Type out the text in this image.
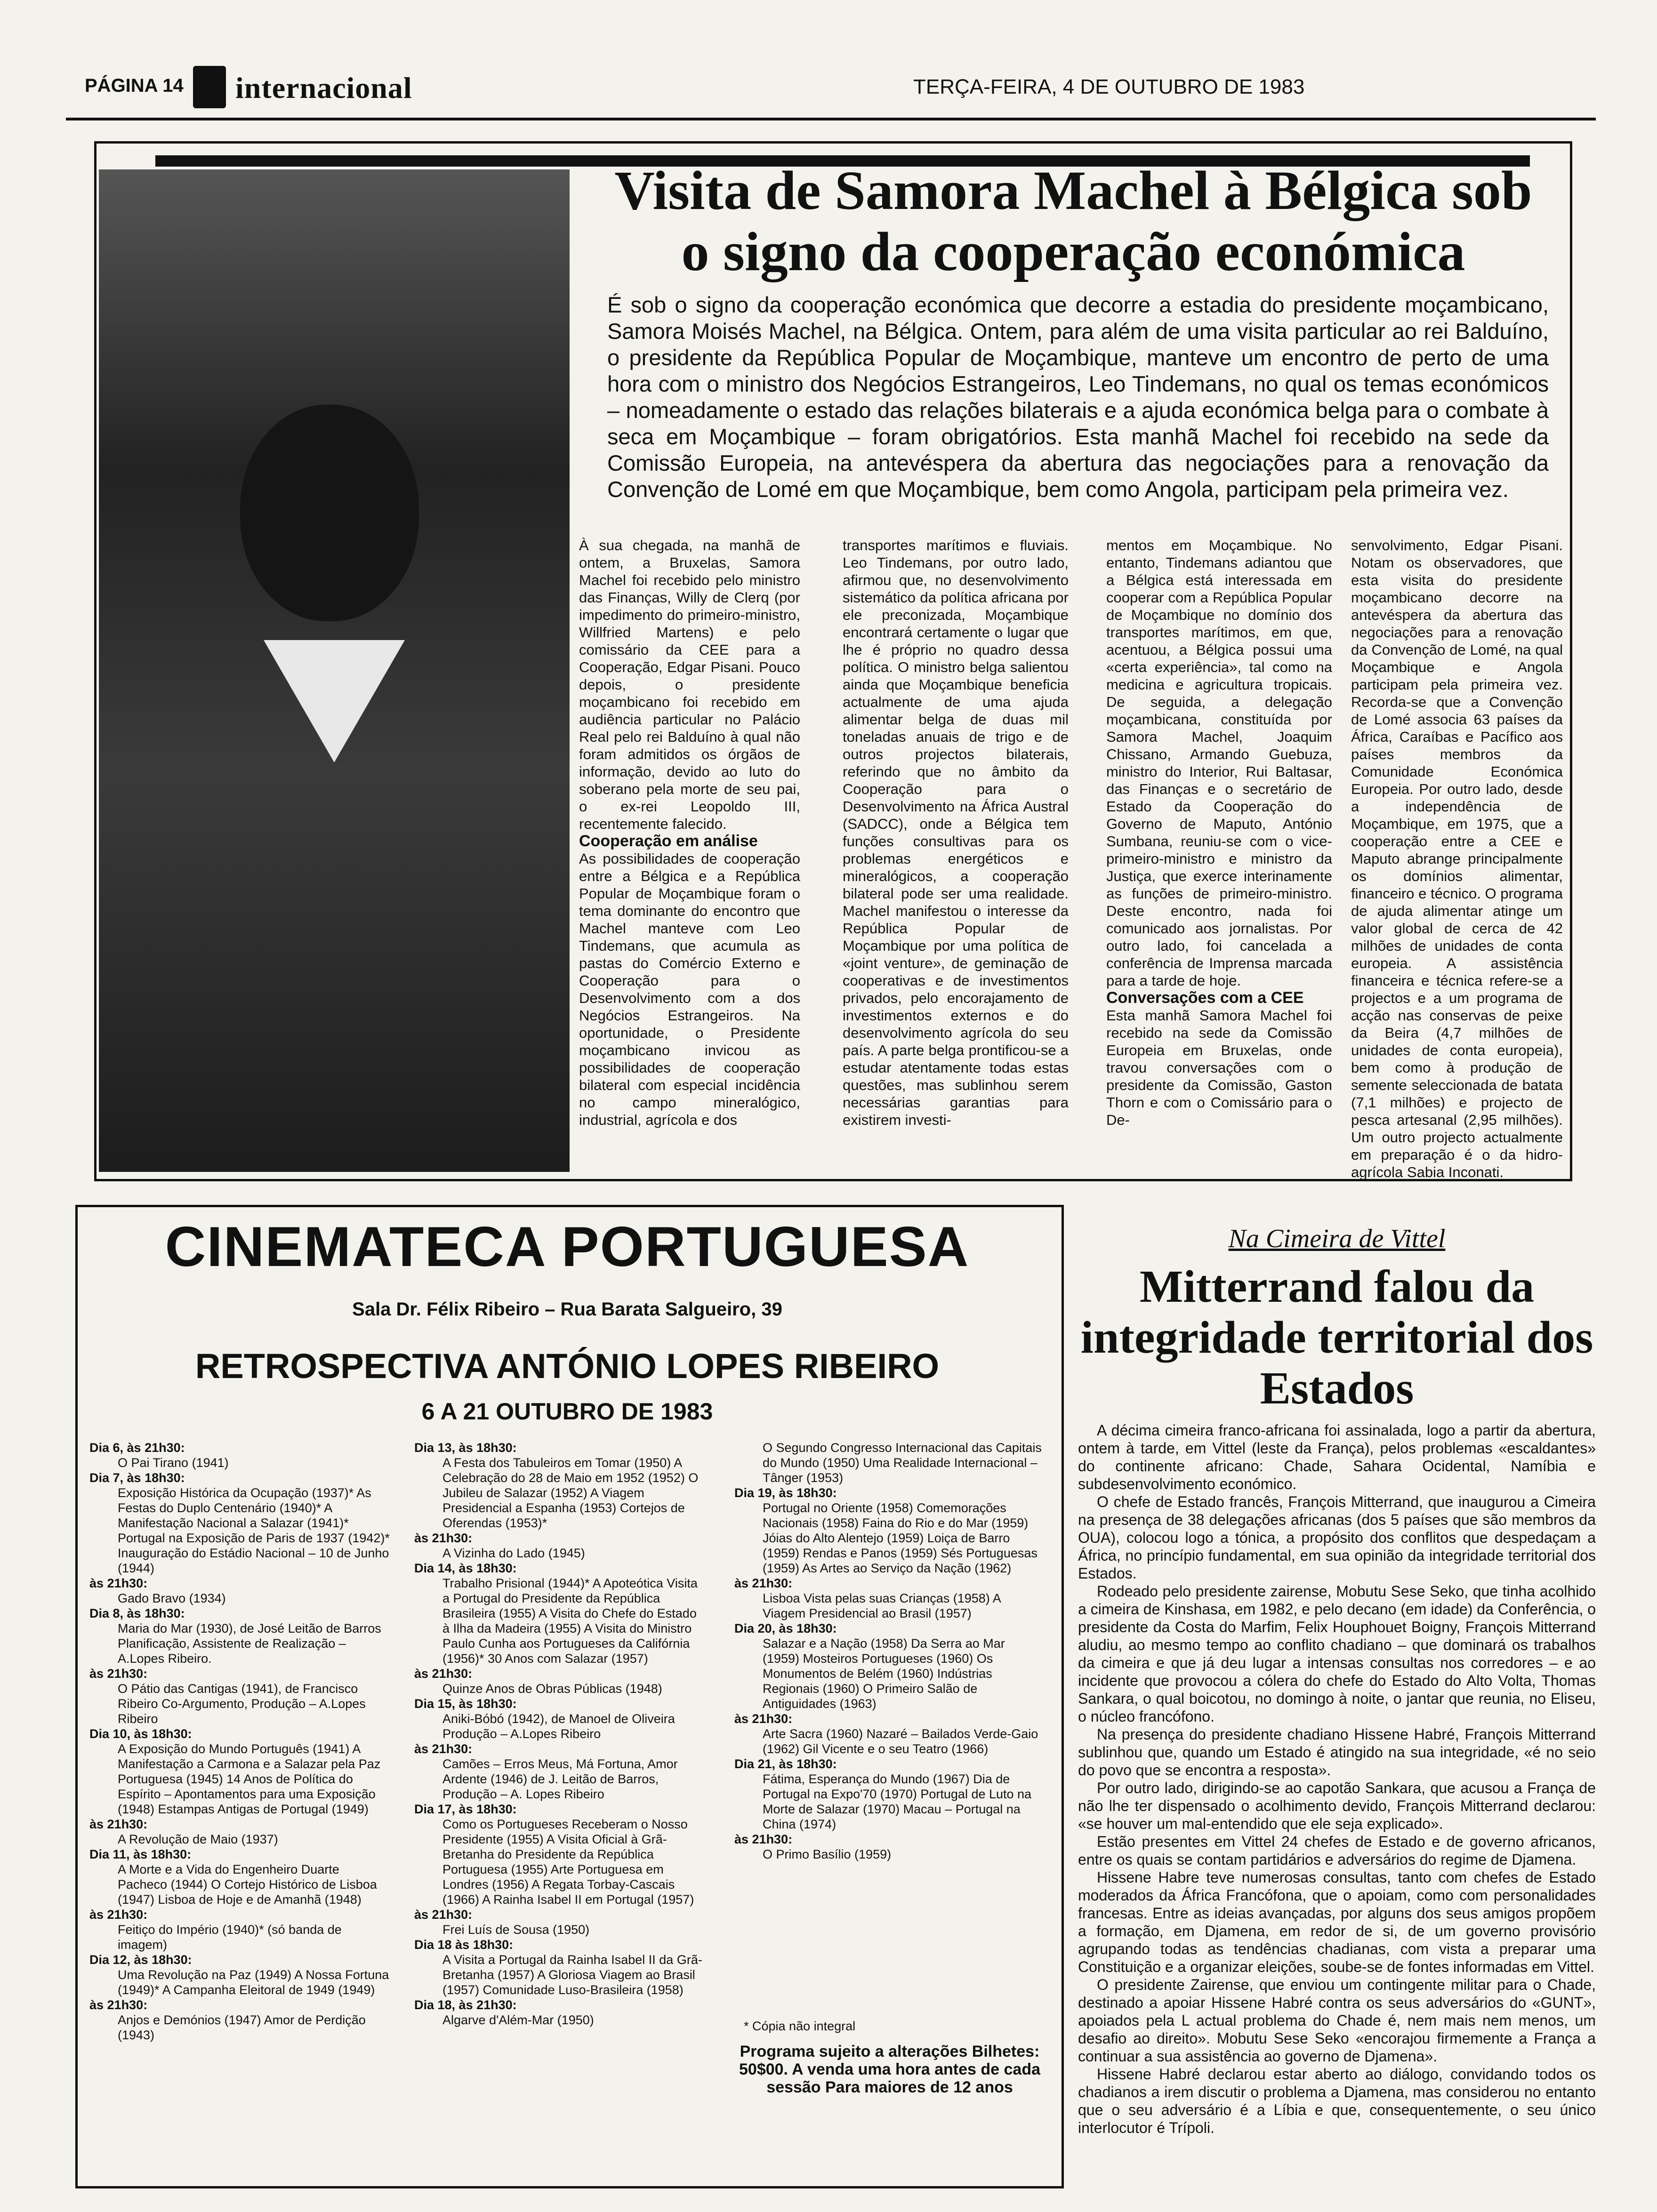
PÁGINA 14 internacional	TERÇA-FEIRA, 4 DE OUTUBRO DE 1983
Visita de Samora Machel à Bélgica sob o signo da cooperação económica
É sob o signo da cooperação económica que decorre a estadia do presidente moçambicano, Samora Moisés Machel, na Bélgica. Ontem, para além de uma visita particular ao rei Balduíno, o presidente da República Popular de Moçambique, manteve um encontro de perto de uma hora com o ministro dos Negócios Estrangeiros, Leo Tindemans, no qual os temas económicos – nomeadamente o estado das relações bilaterais e a ajuda económica belga para o combate à seca em Moçambique – foram obrigatórios. Esta manhã Machel foi recebido na sede da Comissão Europeia, na antevéspera da abertura das negociações para a renovação da Convenção de Lomé em que Moçambique, bem como Angola, participam pela primeira vez.
À sua chegada, na manhã de ontem, a Bruxelas, Samora Machel foi recebido pelo ministro das Finanças, Willy de Clerq (por impedimento do primeiro-ministro, Willfried Martens) e pelo comissário da CEE para a Cooperação, Edgar Pisani. Pouco depois, o presidente moçambicano foi recebido em audiência particular no Palácio Real pelo rei Balduíno à qual não foram admitidos os órgãos de informação, devido ao luto do soberano pela morte de seu pai, o ex-rei Leopoldo III, recentemente falecido.
Cooperação em análise
As possibilidades de cooperação entre a Bélgica e a República Popular de Moçambique foram o tema dominante do encontro que Machel manteve com Leo Tindemans, que acumula as pastas do Comércio Externo e Cooperação para o Desenvolvimento com a dos Negócios Estrangeiros. Na oportunidade, o Presidente moçambicano invicou as possibilidades de cooperação bilateral com especial incidência no campo mineralógico, industrial, agrícola e dos
transportes marítimos e fluviais. Leo Tindemans, por outro lado, afirmou que, no desenvolvimento sistemático da política africana por ele preconizada, Moçambique encontrará certamente o lugar que lhe é próprio no quadro dessa política. O ministro belga salientou ainda que Moçambique beneficia actualmente de uma ajuda alimentar belga de duas mil toneladas anuais de trigo e de outros projectos bilaterais, referindo que no âmbito da Cooperação para o Desenvolvimento na África Austral (SADCC), onde a Bélgica tem funções consultivas para os problemas energéticos e mineralógicos, a cooperação bilateral pode ser uma realidade. Machel manifestou o interesse da República Popular de Moçambique por uma política de «joint venture», de geminação de cooperativas e de investimentos privados, pelo encorajamento de investimentos externos e do desenvolvimento agrícola do seu país. A parte belga prontificou-se a estudar atentamente todas estas questões, mas sublinhou serem necessárias garantias para existirem investi-
mentos em Moçambique. No entanto, Tindemans adiantou que a Bélgica está interessada em cooperar com a República Popular de Moçambique no domínio dos transportes marítimos, em que, acentuou, a Bélgica possui uma «certa experiência», tal como na medicina e agricultura tropicais. De seguida, a delegação moçambicana, constituída por Samora Machel, Joaquim Chissano, Armando Guebuza, ministro do Interior, Rui Baltasar, das Finanças e o secretário de Estado da Cooperação do Governo de Maputo, António Sumbana, reuniu-se com o vice-primeiro-ministro e ministro da Justiça, que exerce interinamente as funções de primeiro-ministro. Deste encontro, nada foi comunicado aos jornalistas. Por outro lado, foi cancelada a conferência de Imprensa marcada para a tarde de hoje.
Conversações com a CEE
Esta manhã Samora Machel foi recebido na sede da Comissão Europeia em Bruxelas, onde travou conversações com o presidente da Comissão, Gaston Thorn e com o Comissário para o De-
senvolvimento, Edgar Pisani. Notam os observadores, que esta visita do presidente moçambicano decorre na antevéspera da abertura das negociações para a renovação da Convenção de Lomé, na qual Moçambique e Angola participam pela primeira vez. Recorda-se que a Convenção de Lomé associa 63 países da África, Caraíbas e Pacífico aos países membros da Comunidade Económica Europeia. Por outro lado, desde a independência de Moçambique, em 1975, que a cooperação entre a CEE e Maputo abrange principalmente os domínios alimentar, financeiro e técnico. O programa de ajuda alimentar atinge um valor global de cerca de 42 milhões de unidades de conta europeia. A assistência financeira e técnica refere-se a projectos e a um programa de acção nas conservas de peixe da Beira (4,7 milhões de unidades de conta europeia), bem como à produção de semente seleccionada de batata (7,1 milhões) e projecto de pesca artesanal (2,95 milhões). Um outro projecto actualmente em preparação é o da hidro-agrícola Sabia Inconati.
CINEMATECA PORTUGUESA
Sala Dr. Félix Ribeiro – Rua Barata Salgueiro, 39
RETROSPECTIVA ANTÓNIO LOPES RIBEIRO
6 A 21 OUTUBRO DE 1983
Dia 6, às 21h30:
O Pai Tirano (1941)
Dia 7, às 18h30:
Exposição Histórica da Ocupação (1937)* As Festas do Duplo Centenário (1940)* A Manifestação Nacional a Salazar (1941)* Portugal na Exposição de Paris de 1937 (1942)* Inauguração do Estádio Nacional – 10 de Junho (1944)
às 21h30:
Gado Bravo (1934)
Dia 8, às 18h30:
Maria do Mar (1930), de José Leitão de Barros Planificação, Assistente de Realização – A.Lopes Ribeiro.
às 21h30:
O Pátio das Cantigas (1941), de Francisco Ribeiro Co-Argumento, Produção – A.Lopes Ribeiro
Dia 10, às 18h30:
A Exposição do Mundo Português (1941) A Manifestação a Carmona e a Salazar pela Paz Portuguesa (1945) 14 Anos de Política do Espírito – Apontamentos para uma Exposição (1948) Estampas Antigas de Portugal (1949)
às 21h30:
A Revolução de Maio (1937)
Dia 11, às 18h30:
A Morte e a Vida do Engenheiro Duarte Pacheco (1944) O Cortejo Histórico de Lisboa (1947) Lisboa de Hoje e de Amanhã (1948)
às 21h30:
Feitiço do Império (1940)* (só banda de imagem)
Dia 12, às 18h30:
Uma Revolução na Paz (1949) A Nossa Fortuna (1949)* A Campanha Eleitoral de 1949 (1949)
às 21h30:
Anjos e Demónios (1947) Amor de Perdição (1943)
Dia 13, às 18h30:
A Festa dos Tabuleiros em Tomar (1950) A Celebração do 28 de Maio em 1952 (1952) O Jubileu de Salazar (1952) A Viagem Presidencial a Espanha (1953) Cortejos de Oferendas (1953)*
às 21h30:
A Vizinha do Lado (1945)
Dia 14, às 18h30:
Trabalho Prisional (1944)* A Apoteótica Visita a Portugal do Presidente da República Brasileira (1955) A Visita do Chefe do Estado à Ilha da Madeira (1955) A Visita do Ministro Paulo Cunha aos Portugueses da Califórnia (1956)* 30 Anos com Salazar (1957)
às 21h30:
Quinze Anos de Obras Públicas (1948)
Dia 15, às 18h30:
Aniki-Bóbó (1942), de Manoel de Oliveira Produção – A.Lopes Ribeiro
às 21h30:
Camões – Erros Meus, Má Fortuna, Amor Ardente (1946) de J. Leitão de Barros, Produção – A. Lopes Ribeiro
Dia 17, às 18h30:
Como os Portugueses Receberam o Nosso Presidente (1955) A Visita Oficial à Grã-Bretanha do Presidente da República Portuguesa (1955) Arte Portuguesa em Londres (1956) A Regata Torbay-Cascais (1966) A Rainha Isabel II em Portugal (1957)
às 21h30:
Frei Luís de Sousa (1950)
Dia 18 às 18h30:
A Visita a Portugal da Rainha Isabel II da Grã-Bretanha (1957) A Gloriosa Viagem ao Brasil (1957) Comunidade Luso-Brasileira (1958)
Dia 18, às 21h30:
Algarve d'Além-Mar (1950)
O Segundo Congresso Internacional das Capitais do Mundo (1950) Uma Realidade Internacional – Tânger (1953)
Dia 19, às 18h30:
Portugal no Oriente (1958) Comemorações Nacionais (1958) Faina do Rio e do Mar (1959) Jóias do Alto Alentejo (1959) Loiça de Barro (1959) Rendas e Panos (1959) Sés Portuguesas (1959) As Artes ao Serviço da Nação (1962)
às 21h30:
Lisboa Vista pelas suas Crianças (1958) A Viagem Presidencial ao Brasil (1957)
Dia 20, às 18h30:
Salazar e a Nação (1958) Da Serra ao Mar (1959) Mosteiros Portugueses (1960) Os Monumentos de Belém (1960) Indústrias Regionais (1960) O Primeiro Salão de Antiguidades (1963)
às 21h30:
Arte Sacra (1960) Nazaré – Bailados Verde-Gaio (1962) Gil Vicente e o seu Teatro (1966)
Dia 21, às 18h30:
Fátima, Esperança do Mundo (1967) Dia de Portugal na Expo'70 (1970) Portugal de Luto na Morte de Salazar (1970) Macau – Portugal na China (1974)
às 21h30:
O Primo Basílio (1959)
* Cópia não integral
Programa sujeito a alterações Bilhetes: 50$00. A venda uma hora antes de cada sessão Para maiores de 12 anos
Na Cimeira de Vittel
Mitterrand falou da integridade territorial dos Estados

A décima cimeira franco-africana foi assinalada, logo a partir da abertura, ontem à tarde, em Vittel (leste da França), pelos problemas «escaldantes» do continente africano: Chade, Sahara Ocidental, Namíbia e subdesenvolvimento económico.

O chefe de Estado francês, François Mitterrand, que inaugurou a Cimeira na presença de 38 delegações africanas (dos 5 países que são membros da OUA), colocou logo a tónica, a propósito dos conflitos que despedaçam a África, no princípio fundamental, em sua opinião da integridade territorial dos Estados.

Rodeado pelo presidente zairense, Mobutu Sese Seko, que tinha acolhido a cimeira de Kinshasa, em 1982, e pelo decano (em idade) da Conferência, o presidente da Costa do Marfim, Felix Houphouet Boigny, François Mitterrand aludiu, ao mesmo tempo ao conflito chadiano – que dominará os trabalhos da cimeira e que já deu lugar a intensas consultas nos corredores – e ao incidente que provocou a cólera do chefe do Estado do Alto Volta, Thomas Sankara, o qual boicotou, no domingo à noite, o jantar que reunia, no Eliseu, o núcleo francófono.

Na presença do presidente chadiano Hissene Habré, François Mitterrand sublinhou que, quando um Estado é atingido na sua integridade, «é no seio do povo que se encontra a resposta».

Por outro lado, dirigindo-se ao capotão Sankara, que acusou a França de não lhe ter dispensado o acolhimento devido, François Mitterrand declarou: «se houver um mal-entendido que ele seja explicado».

Estão presentes em Vittel 24 chefes de Estado e de governo africanos, entre os quais se contam partidários e adversários do regime de Djamena.

Hissene Habre teve numerosas consultas, tanto com chefes de Estado moderados da África Francófona, que o apoiam, como com personalidades francesas. Entre as ideias avançadas, por alguns dos seus amigos propõem a formação, em Djamena, em redor de si, de um governo provisório agrupando todas as tendências chadianas, com vista a preparar uma Constituição e a organizar eleições, soube-se de fontes informadas em Vittel.

O presidente Zairense, que enviou um contingente militar para o Chade, destinado a apoiar Hissene Habré contra os seus adversários do «GUNT», apoiados pela L actual problema do Chade é, nem mais nem menos, um desafio ao direito». Mobutu Sese Seko «encorajou firmemente a França a continuar a sua assistência ao governo de Djamena».

Hissene Habré declarou estar aberto ao diálogo, convidando todos os chadianos a irem discutir o problema a Djamena, mas considerou no entanto que o seu adversário é a Líbia e que, consequentemente, o seu único interlocutor é Trípoli.
